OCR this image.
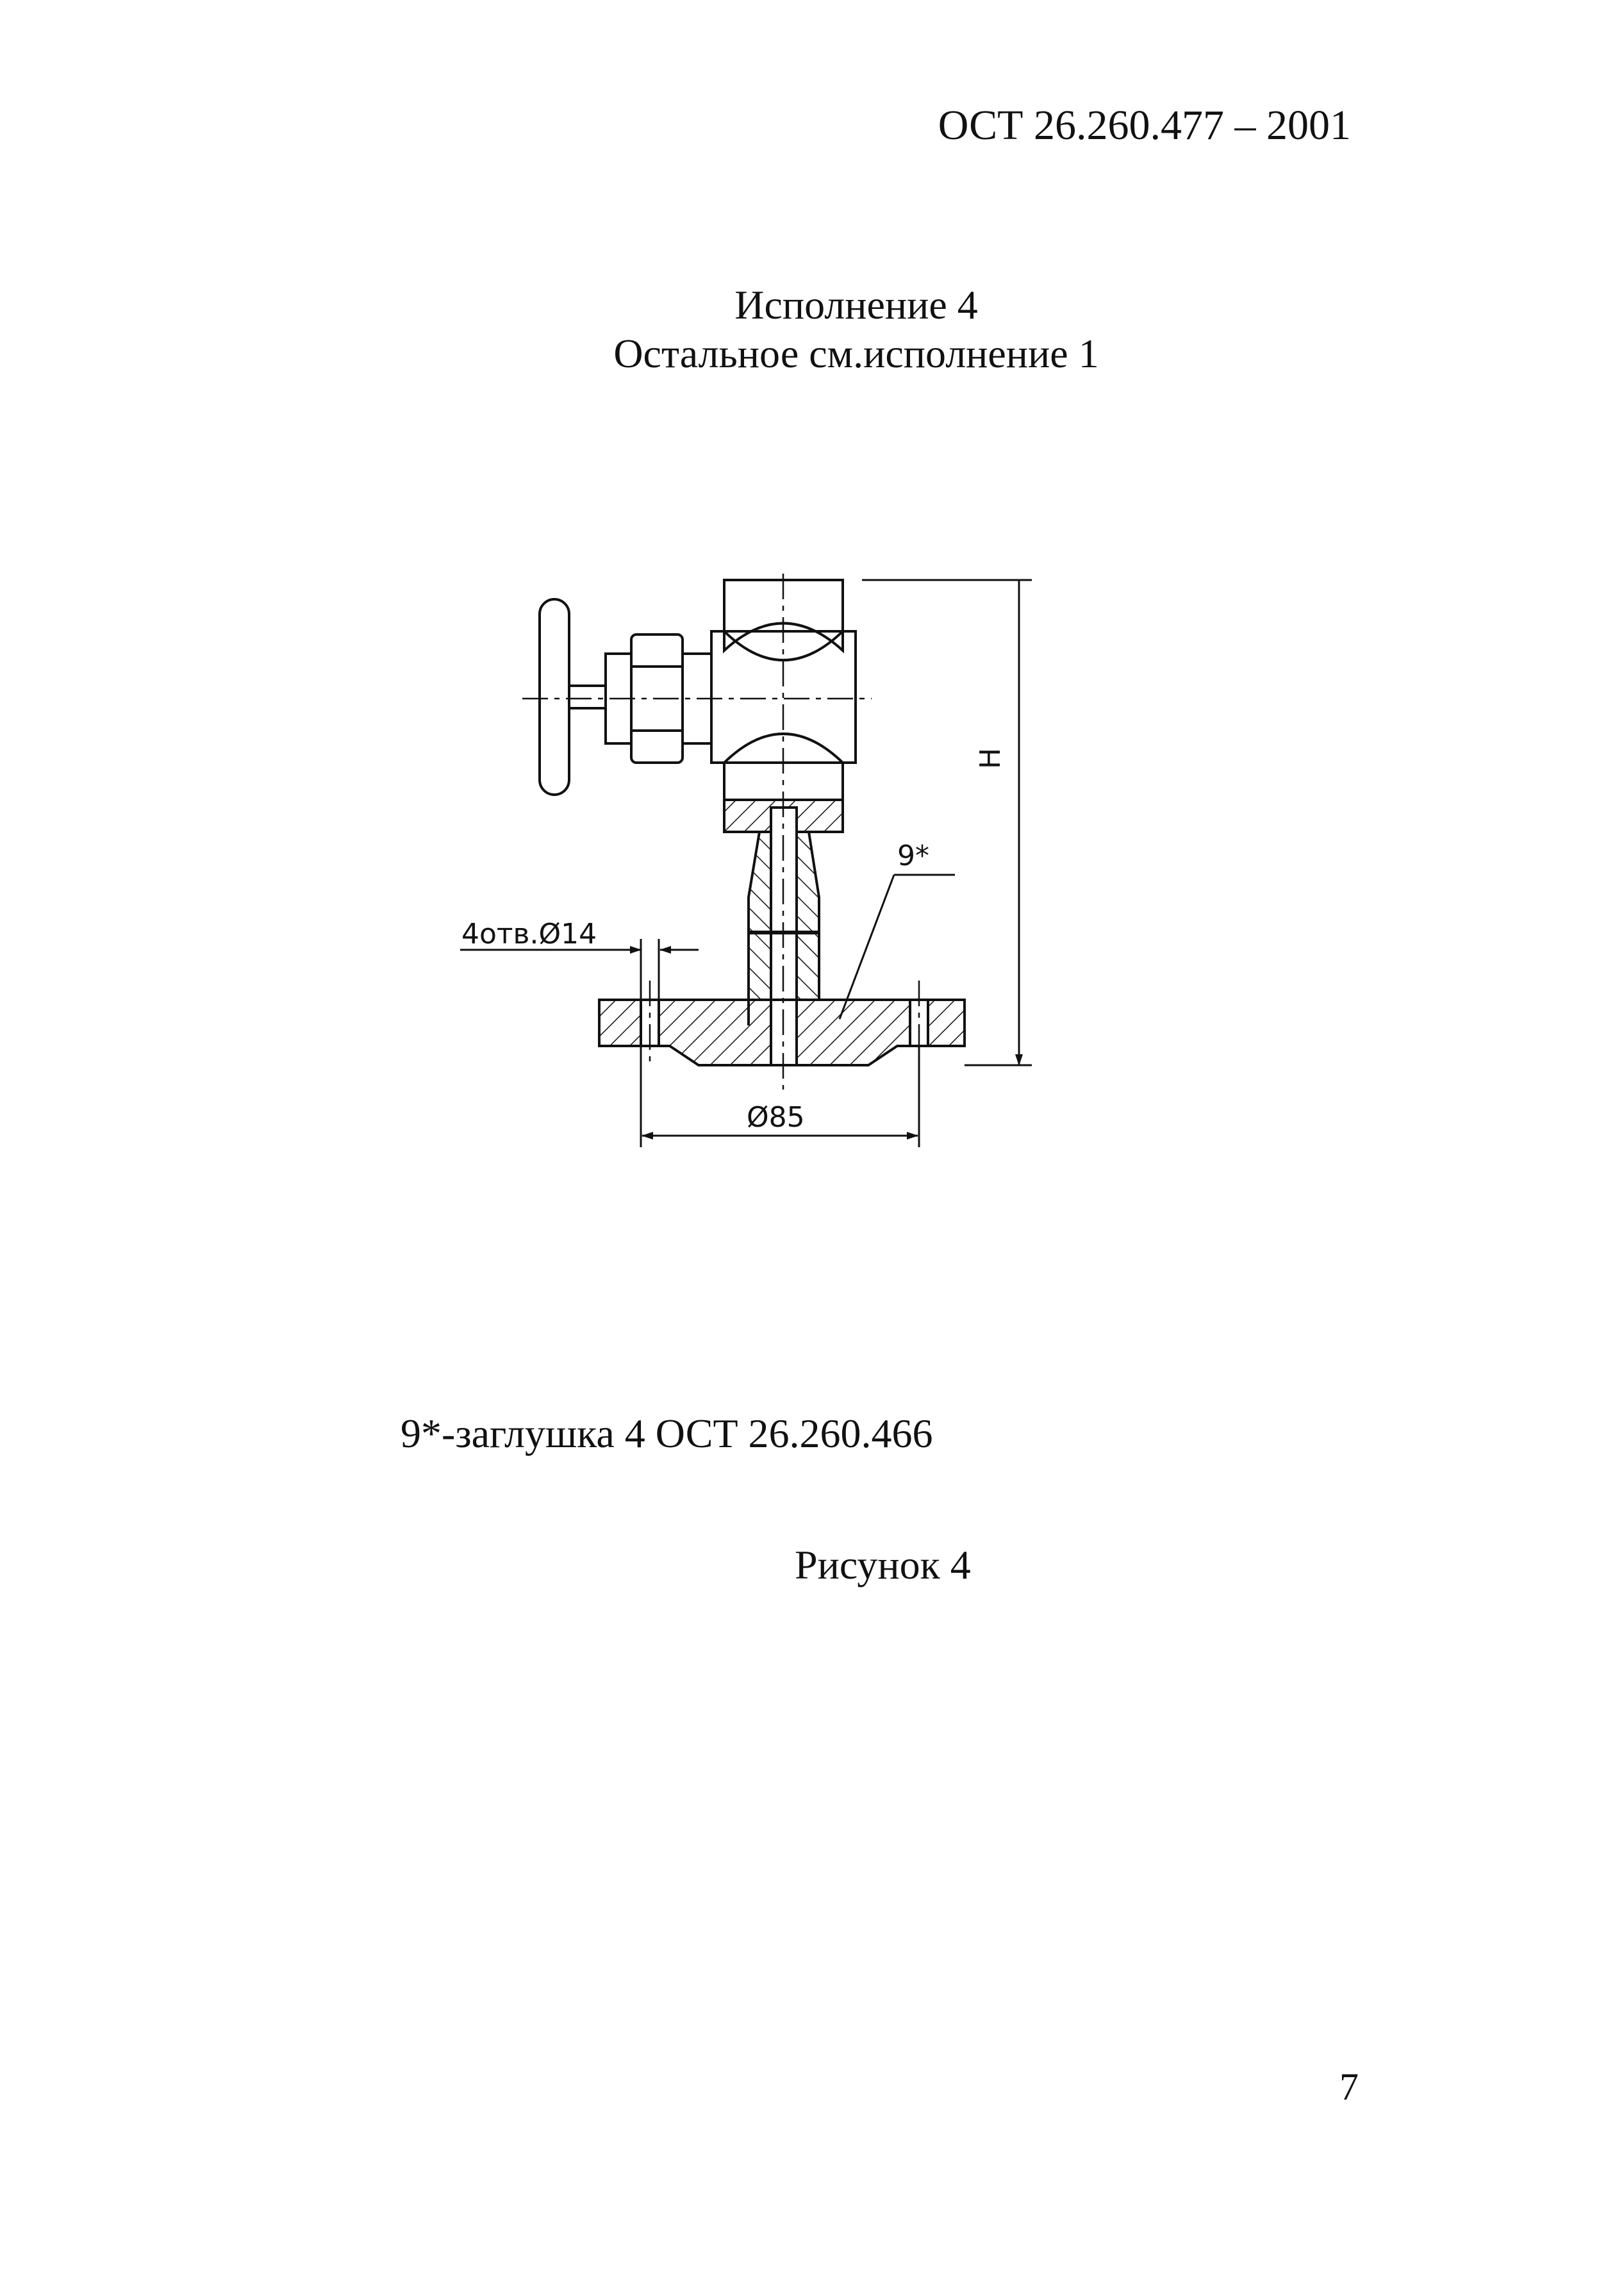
ОСТ 26.260.477 – 2001
Исполнение 4
Остальное см.исполнение 1
H
9*
4отв.Ø14
Ø85
9*-заглушка 4 ОСТ 26.260.466
Рисунок 4
7
